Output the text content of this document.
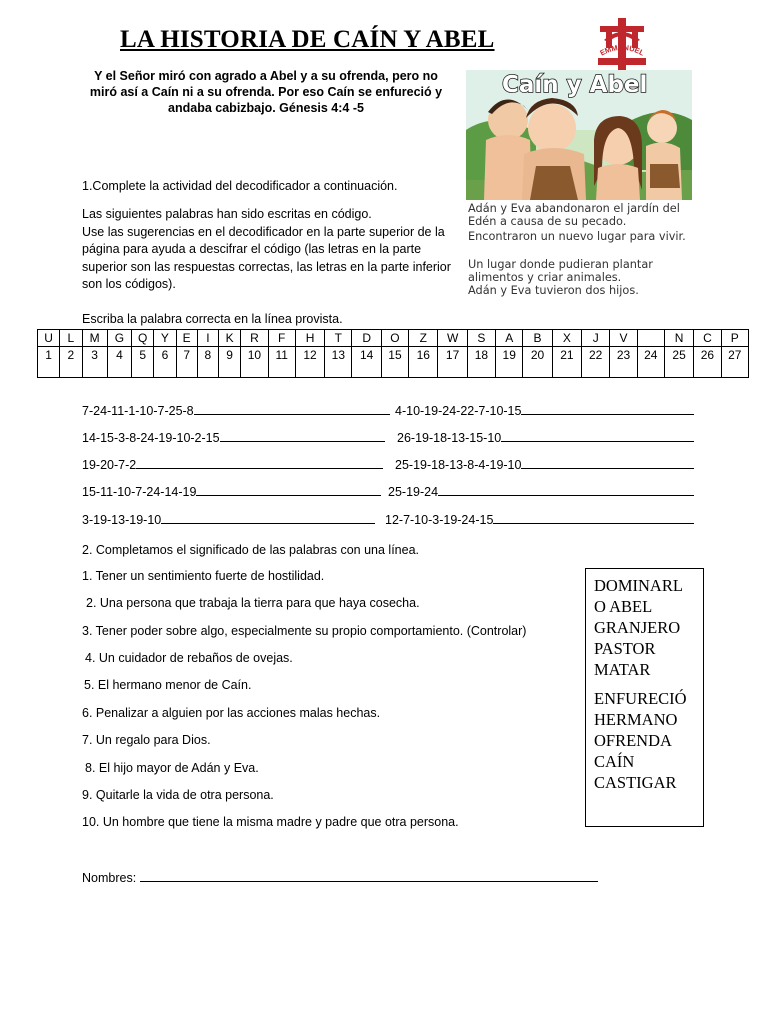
LA HISTORIA DE CAÍN Y ABEL	EMMANUEL
Y el Señor miró con agrado a Abel y a su ofrenda, pero no miró así a Caín ni a su ofrenda. Por eso Caín se enfureció y andaba cabizbajo. Génesis 4:4 -5
Caín y Abel
Adán y Eva abandonaron el jardín del Edén a causa de su pecado.
Encontraron un nuevo lugar para vivir.
Un lugar donde pudieran plantar alimentos y criar animales.
Adán y Eva tuvieron dos hijos.
1.Complete la actividad del decodificador a continuación.
Las siguientes palabras han sido escritas en código.
Use las sugerencias en el decodificador en la parte superior de la página para ayuda a descifrar el código (las letras en la parte superior son las respuestas correctas, las letras en la parte inferior son los códigos).
Escriba la palabra correcta en la línea provista.
U	L	M	G	Q	Y	E	I	K	R	F	H	T	D	O	Z	W	S	A	B	X	J	V		N	C	P
1	2	3	4	5	6	7	8	9	10	11	12	13	14	15	16	17	18	19	20	21	22	23	24	25	26	27
7-24-11-1-10-7-25-8	4-10-19-24-22-7-10-15
14-15-3-8-24-19-10-2-15	26-19-18-13-15-10
19-20-7-2	25-19-18-13-8-4-19-10
15-11-10-7-24-14-19	25-19-24
3-19-13-19-10	12-7-10-3-19-24-15
2. Completamos el significado de las palabras con una línea.
1. Tener un sentimiento fuerte de hostilidad.
2. Una persona que trabaja la tierra para que haya cosecha.
3. Tener poder sobre algo, especialmente su propio comportamiento. (Controlar)
4. Un cuidador de rebaños de ovejas.
5. El hermano menor de Caín.
6. Penalizar a alguien por las acciones malas hechas.
7. Un regalo para Dios.
8. El hijo mayor de Adán y Eva.
9. Quitarle la vida de otra persona.
10. Un hombre que tiene la misma madre y padre que otra persona.
DOMINARL
O ABEL
GRANJERO
PASTOR
MATAR
ENFURECIÓ
HERMANO
OFRENDA
CAÍN
CASTIGAR
Nombres:
